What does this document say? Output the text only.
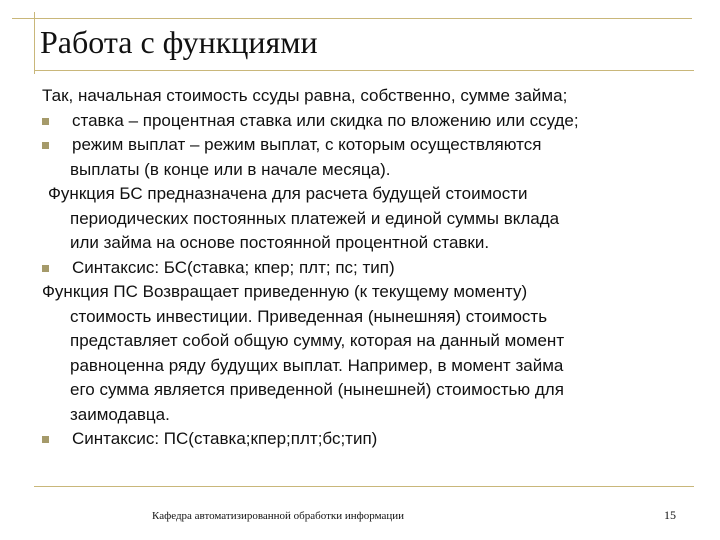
Работа с функциями
Так, начальная стоимость ссуды равна, собственно, сумме займа;
ставка – процентная ставка или скидка по вложению или ссуде;
режим выплат – режим выплат, с которым осуществляются
выплаты (в конце или в начале месяца).
Функция БС предназначена для расчета будущей стоимости
периодических постоянных платежей и единой суммы вклада
или займа на основе постоянной процентной ставки.
Синтаксис: БС(ставка; кпер; плт; пс; тип)
Функция ПС Возвращает приведенную (к текущему моменту)
стоимость инвестиции. Приведенная (нынешняя) стоимость
представляет собой общую сумму, которая на данный момент
равноценна ряду будущих выплат. Например, в момент займа
его сумма является приведенной (нынешней) стоимостью для
заимодавца.
Синтаксис: ПС(ставка;кпер;плт;бс;тип)
Кафедра автоматизированной обработки информации	15
